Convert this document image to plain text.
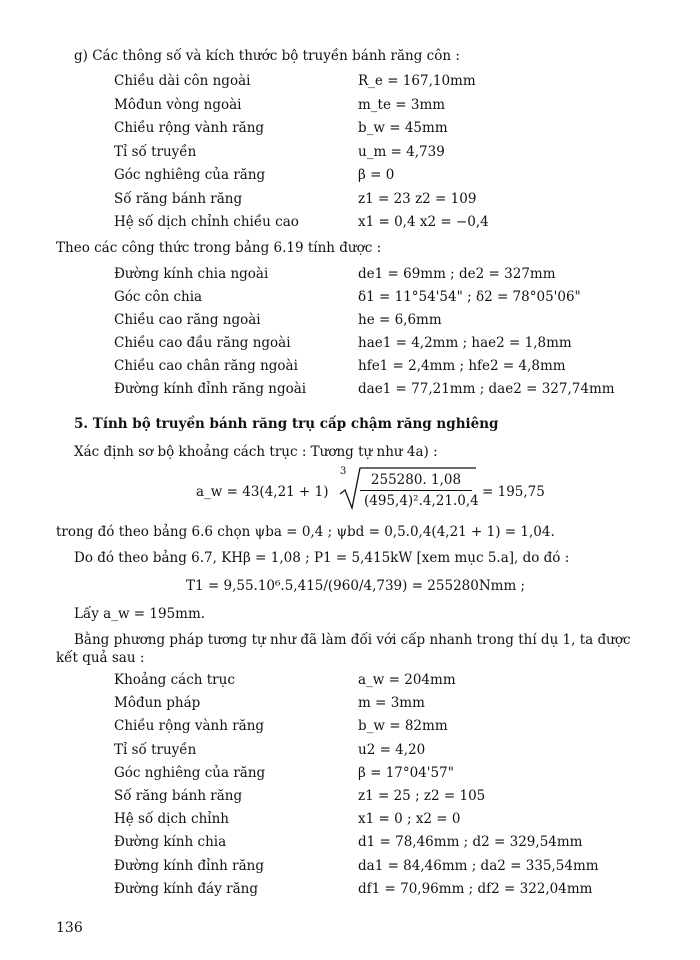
g) Các thông số và kích thước bộ truyền bánh răng côn :
Chiều dài côn ngoài	R_e = 167,10mm
Môđun vòng ngoài	m_te = 3mm
Chiều rộng vành răng	b_w = 45mm
Tỉ số truyền	u_m = 4,739
Góc nghiêng của răng	β = 0
Số răng bánh răng	z1 = 23 z2 = 109
Hệ số dịch chỉnh chiều cao	x1 = 0,4 x2 = −0,4
Theo các công thức trong bảng 6.19 tính được :
Đường kính chia ngoài	de1 = 69mm ; de2 = 327mm
Góc côn chia	δ1 = 11°54'54" ; δ2 = 78°05'06"
Chiều cao răng ngoài	he = 6,6mm
Chiều cao đầu răng ngoài	hae1 = 4,2mm ; hae2 = 1,8mm
Chiều cao chân răng ngoài	hfe1 = 2,4mm ; hfe2 = 4,8mm
Đường kính đỉnh răng ngoài	dae1 = 77,21mm ; dae2 = 327,74mm
5. Tính bộ truyền bánh răng trụ cấp chậm răng nghiêng
Xác định sơ bộ khoảng cách trục : Tương tự như 4a) :
a_w = 43(4,21 + 1)
3
255280. 1,08
(495,4)².4,21.0,4
= 195,75
trong đó theo bảng 6.6 chọn ψba = 0,4 ; ψbd = 0,5.0,4(4,21 + 1) = 1,04.
Do đó theo bảng 6.7, KHβ = 1,08 ; P1 = 5,415kW [xem mục 5.a], do đó :
T1 = 9,55.10⁶.5,415/(960/4,739) = 255280Nmm ;
Lấy a_w = 195mm.
Bằng phương pháp tương tự như đã làm đối với cấp nhanh trong thí dụ 1, ta được
kết quả sau :
Khoảng cách trục	a_w = 204mm
Môđun pháp	m = 3mm
Chiều rộng vành răng	b_w = 82mm
Tỉ số truyền	u2 = 4,20
Góc nghiêng của răng	β = 17°04'57"
Số răng bánh răng	z1 = 25 ; z2 = 105
Hệ số dịch chỉnh	x1 = 0 ; x2 = 0
Đường kính chia	d1 = 78,46mm ; d2 = 329,54mm
Đường kính đỉnh răng	da1 = 84,46mm ; da2 = 335,54mm
Đường kính đáy răng	df1 = 70,96mm ; df2 = 322,04mm
136
